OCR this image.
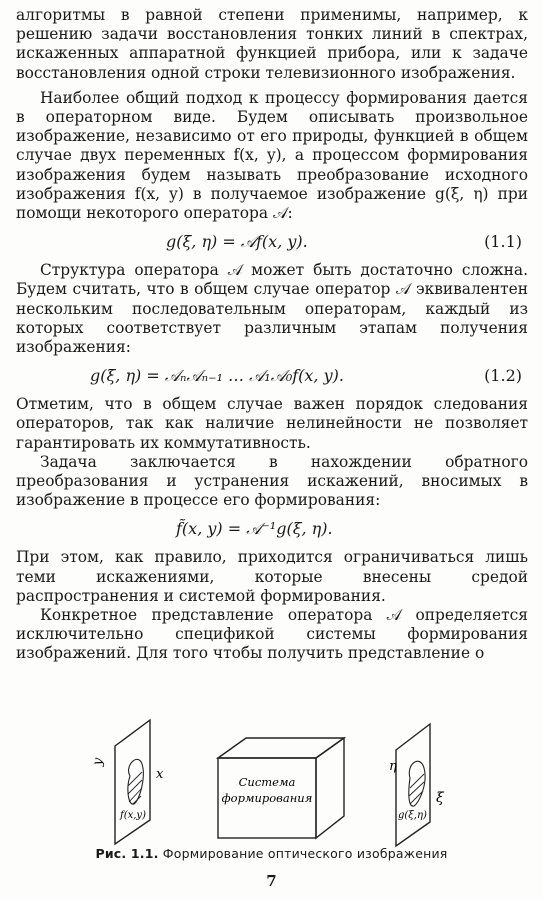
алгоритмы в равной степени применимы, например, к решению задачи восстановления тонких линий в спектрах, искаженных аппаратной функцией прибора, или к задаче восстановления одной строки телевизионного изображения.

Наиболее общий подход к процессу формирования дается в операторном виде. Будем описывать произвольное изображение, независимо от его природы, функцией в общем случае двух переменных f(x, y), а процессом формирования изображения будем называть преобразование исходного изображения f(x, y) в получаемое изображение g(ξ, η) при помощи некоторого оператора 𝒜:

g(ξ, η) = 𝒜f(x, y).	(1.1)

Структура оператора 𝒜 может быть достаточно сложна. Будем считать, что в общем случае оператор 𝒜 эквивалентен нескольким последовательным операторам, каждый из которых соответствует различным этапам получения изображения:

g(ξ, η) = 𝒜ₙ𝒜ₙ₋₁ … 𝒜₁𝒜₀f(x, y).	(1.2)

Отметим, что в общем случае важен порядок следования операторов, так как наличие нелинейности не позволяет гарантировать их коммутативность.

Задача заключается в нахождении обратного преобразования и устранения искажений, вносимых в изображение в процессе его формирования:

f̃(x, y) = 𝒜⁻¹g(ξ, η).

При этом, как правило, приходится ограничиваться лишь теми искажениями, которые внесены средой распространения и системой формирования.

Конкретное представление оператора 𝒜 определяется исключительно спецификой системы формирования изображений. Для того чтобы получить представление о

y
x
f(x,y)
Система
формирования
η
ξ
g(ξ,η)
Рис. 1.1. Формирование оптического изображения
7
